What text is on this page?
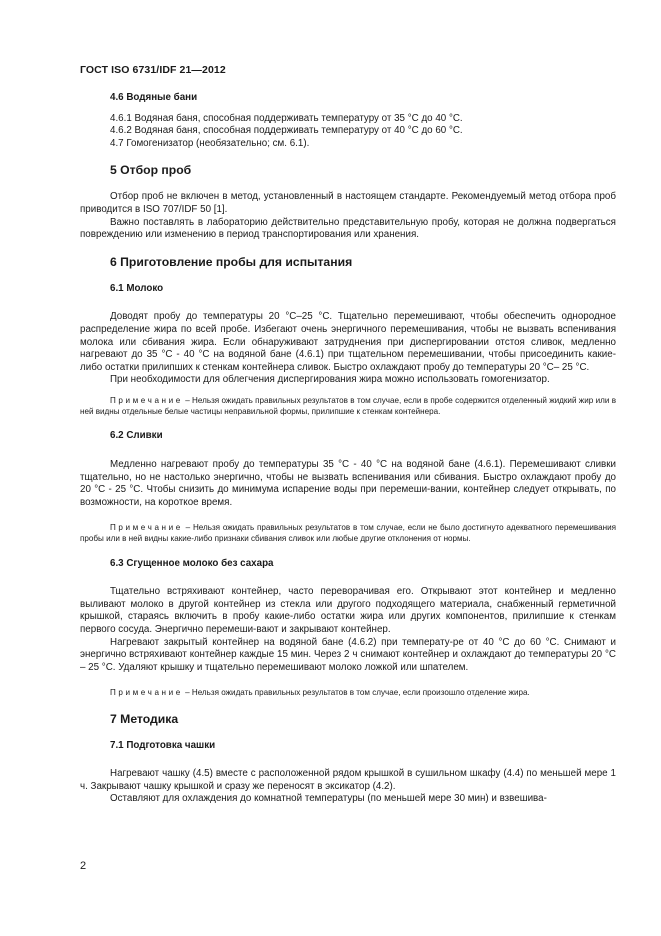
ГОСТ ISO 6731/IDF 21—2012

4.6 Водяные бани

4.6.1 Водяная баня, способная поддерживать температуру от 35 °С до 40 °С.

4.6.2 Водяная баня, способная поддерживать температуру от 40 °С до 60 °С.

4.7 Гомогенизатор (необязательно; см. 6.1).

5 Отбор проб

Отбор проб не включен в метод, установленный в настоящем стандарте. Рекомендуемый метод отбора проб приводится в ISO 707/IDF 50 [1].

Важно поставлять в лабораторию действительно представительную пробу, которая не должна подвергаться повреждению или изменению в период транспортирования или хранения.

6 Приготовление пробы для испытания

6.1 Молоко

Доводят пробу до температуры 20 °С–25 °С. Тщательно перемешивают, чтобы обеспечить однородное распределение жира по всей пробе. Избегают очень энергичного перемешивания, чтобы не вызвать вспенивания молока или сбивания жира. Если обнаруживают затруднения при диспергировании отстоя сливок, медленно нагревают до 35 °С - 40 °С на водяной бане (4.6.1) при тщательном перемешивании, чтобы присоединить какие-либо остатки прилипших к стенкам контейнера сливок. Быстро охлаждают пробу до температуры 20 °С– 25 °С.

При необходимости для облегчения диспергирования жира можно использовать гомогенизатор.

Примечание – Нельзя ожидать правильных результатов в том случае, если в пробе содержится отделенный жидкий жир или в ней видны отдельные белые частицы неправильной формы, прилипшие к стенкам контейнера.

6.2 Сливки

Медленно нагревают пробу до температуры 35 °С - 40 °С на водяной бане (4.6.1). Перемешивают сливки тщательно, но не настолько энергично, чтобы не вызвать вспенивания или сбивания. Быстро охлаждают пробу до 20 °С - 25 °С. Чтобы снизить до минимума испарение воды при перемеши-вании, контейнер следует открывать, по возможности, на короткое время.

Примечание – Нельзя ожидать правильных результатов в том случае, если не было достигнуто адекватного перемешивания пробы или в ней видны какие-либо признаки сбивания сливок или любые другие отклонения от нормы.

6.3 Сгущенное молоко без сахара

Тщательно встряхивают контейнер, часто переворачивая его. Открывают этот контейнер и медленно выливают молоко в другой контейнер из стекла или другого подходящего материала, снабженный герметичной крышкой, стараясь включить в пробу какие-либо остатки жира или других компонентов, прилипшие к стенкам первого сосуда. Энергично перемеши-вают и закрывают контейнер.

Нагревают закрытый контейнер на водяной бане (4.6.2) при температу-ре от 40 °С до 60 °С. Снимают и энергично встряхивают контейнер каждые 15 мин. Через 2 ч снимают контейнер и охлаждают до температуры 20 °С – 25 °С. Удаляют крышку и тщательно перемешивают молоко ложкой или шпателем.

Примечание – Нельзя ожидать правильных результатов в том случае, если произошло отделение жира.

7 Методика

7.1 Подготовка чашки

Нагревают чашку (4.5) вместе с расположенной рядом крышкой в сушильном шкафу (4.4) по меньшей мере 1 ч. Закрывают чашку крышкой и сразу же переносят в эксикатор (4.2).

Оставляют для охлаждения до комнатной температуры (по меньшей мере 30 мин) и взвешива-

2
